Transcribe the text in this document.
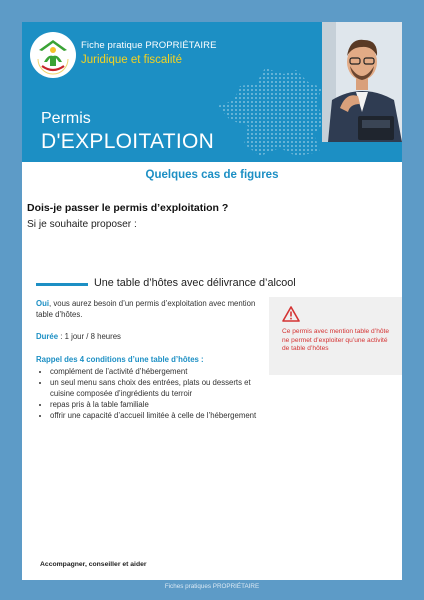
Fiche pratique PROPRIÉTAIRE
Juridique et fiscalité
Permis
D'EXPLOITATION
Quelques cas de figures
Dois-je passer le permis d’exploitation ?
Si je souhaite proposer :
Une table d’hôtes avec délivrance d’alcool

Oui, vous aurez besoin d’un permis d’exploitation avec mention table d’hôtes.

Durée : 1 jour / 8 heures

Rappel des 4 conditions d’une table d’hôtes :

• complément de l’activité d’hébergement
• un seul menu sans choix des entrées, plats ou desserts et cuisine composée d’ingrédients du terroir
• repas pris à la table familiale
• offrir une capacité d’accueil limitée à celle de l’hébergement
Ce permis avec mention table d’hôte ne permet d’exploiter qu’une activité de table d’hôtes
Accompagner, conseiller et aider
Fiches pratiques PROPRIÉTAIRE
